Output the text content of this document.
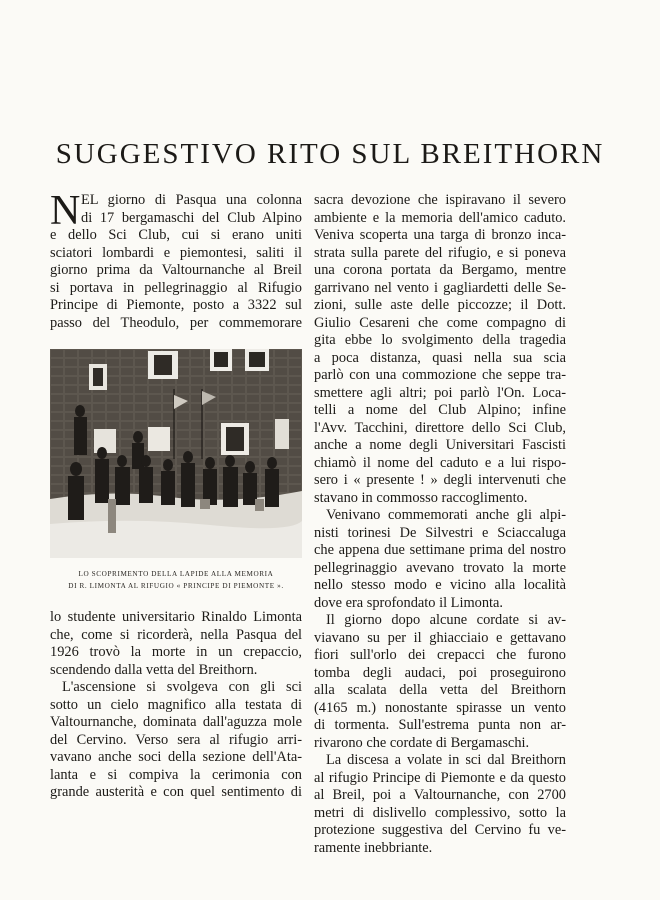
SUGGESTIVO RITO SUL BREITHORN
N EL giorno di Pasqua una colonna
di 17 bergamaschi del Club Alpino
e dello Sci Club, cui si erano uniti
sciatori lombardi e piemontesi, saliti il
giorno prima da Valtournanche al Breil
si portava in pellegrinaggio al Rifugio
Principe di Piemonte, posto a 3322 sul
passo del Theodulo, per commemorare
LO SCOPRIMENTO DELLA LAPIDE ALLA MEMORIA
DI R. LIMONTA AL RIFUGIO « PRINCIPE DI PIEMONTE ».
lo studente universitario Rinaldo Limonta
che, come si ricorderà, nella Pasqua del
1926 trovò la morte in un crepaccio,
scendendo dalla vetta del Breithorn.
L'ascensione si svolgeva con gli sci
sotto un cielo magnifico alla testata di
Valtournanche, dominata dall'aguzza mole
del Cervino. Verso sera al rifugio arri-
vavano anche soci della sezione dell'Ata-
lanta e si compiva la cerimonia con
grande austerità e con quel sentimento di
sacra devozione che ispiravano il severo
ambiente e la memoria dell'amico caduto.
Veniva scoperta una targa di bronzo inca-
strata sulla parete del rifugio, e si poneva
una corona portata da Bergamo, mentre
garrivano nel vento i gagliardetti delle Se-
zioni, sulle aste delle piccozze; il Dott.
Giulio Cesareni che come compagno di
gita ebbe lo svolgimento della tragedia
a poca distanza, quasi nella sua scia
parlò con una commozione che seppe tra-
smettere agli altri; poi parlò l'On. Loca-
telli a nome del Club Alpino; infine
l'Avv. Tacchini, direttore dello Sci Club,
anche a nome degli Universitari Fascisti
chiamò il nome del caduto e a lui rispo-
sero i « presente ! » degli intervenuti che
stavano in commosso raccoglimento.
Venivano commemorati anche gli alpi-
nisti torinesi De Silvestri e Sciaccaluga
che appena due settimane prima del nostro
pellegrinaggio avevano trovato la morte
nello stesso modo e vicino alla località
dove era sprofondato il Limonta.
Il giorno dopo alcune cordate si av-
viavano su per il ghiacciaio e gettavano
fiori sull'orlo dei crepacci che furono
tomba degli audaci, poi proseguirono
alla scalata della vetta del Breithorn
(4165 m.) nonostante spirasse un vento
di tormenta. Sull'estrema punta non ar-
rivarono che cordate di Bergamaschi.
La discesa a volate in sci dal Breithorn
al rifugio Principe di Piemonte e da questo
al Breil, poi a Valtournanche, con 2700
metri di dislivello complessivo, sotto la
protezione suggestiva del Cervino fu ve-
ramente inebbriante.
